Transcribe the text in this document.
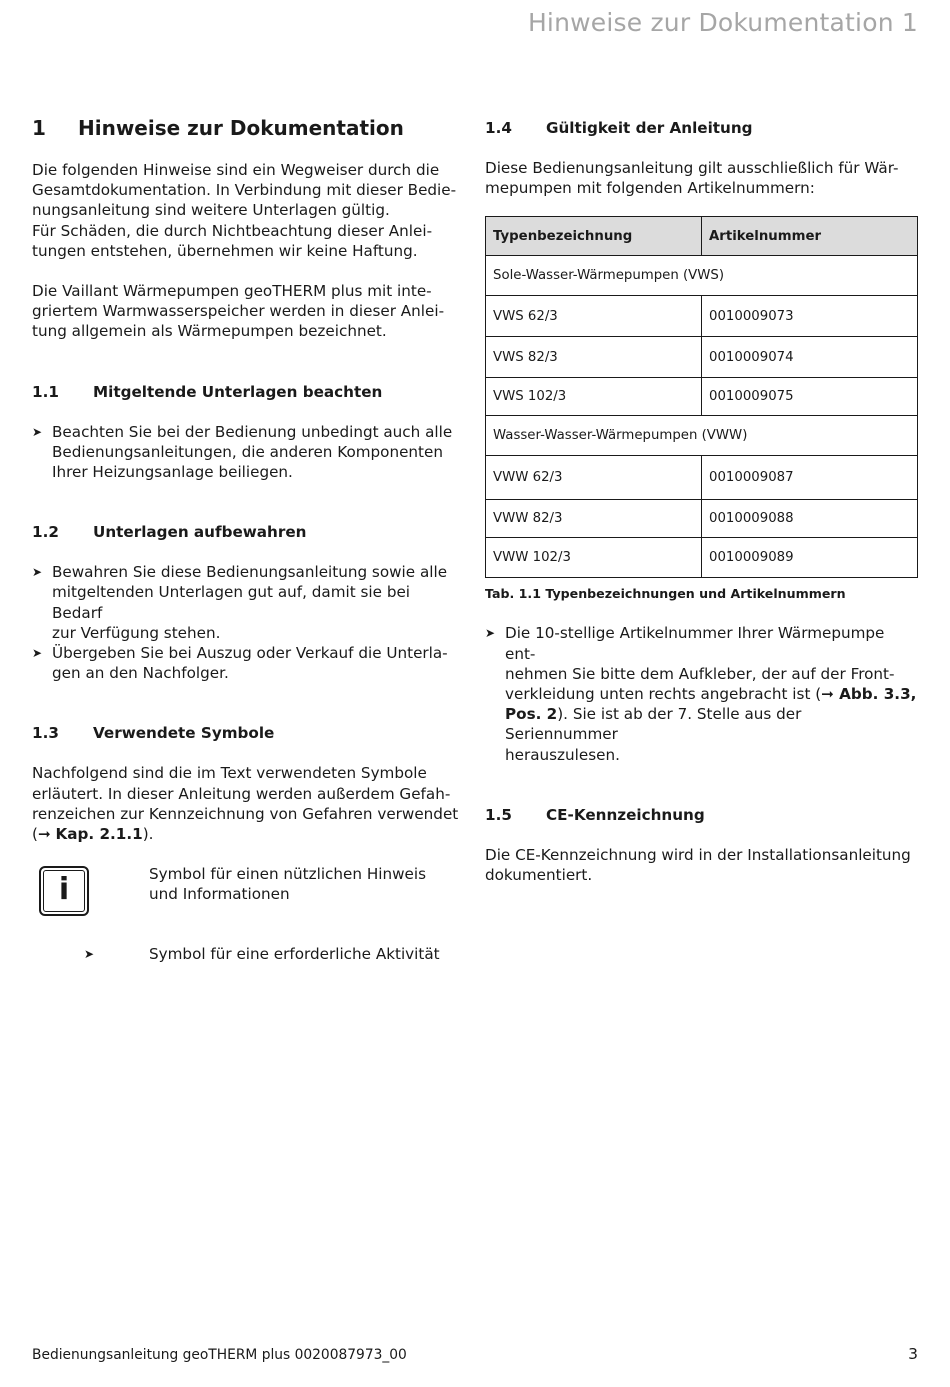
Hinweise zur Dokumentation 1
1	Hinweise zur Dokumentation

Die folgenden Hinweise sind ein Wegweiser durch die

Gesamtdokumentation. In Verbindung mit dieser Bedie-

nungsanleitung sind weitere Unterlagen gültig.

Für Schäden, die durch Nichtbeachtung dieser Anlei-

tungen entstehen, übernehmen wir keine Haftung.

Die Vaillant Wärmepumpen geoTHERM plus mit inte-

griertem Warmwasserspeicher werden in dieser Anlei-

tung allgemein als Wärmepumpen bezeichnet.

1.1	Mitgeltende Unterlagen beachten
➤ Beachten Sie bei der Bedienung unbedingt auch alle
Bedienungsanleitungen, die anderen Komponenten
Ihrer Heizungsanlage beiliegen.
1.2	Unterlagen aufbewahren
➤ Bewahren Sie diese Bedienungsanleitung sowie alle
mitgeltenden Unterlagen gut auf, damit sie bei Bedarf
zur Verfügung stehen.
➤ Übergeben Sie bei Auszug oder Verkauf die Unterla-
gen an den Nachfolger.
1.3	Verwendete Symbole

Nachfolgend sind die im Text verwendeten Symbole

erläutert. In dieser Anleitung werden außerdem Gefah-

renzeichen zur Kennzeichnung von Gefahren verwendet

(➞ Kap. 2.1.1).

i	Symbol für einen nützlichen Hinweis

und Informationen

➤	Symbol für eine erforderliche Aktivität

1.4	Gültigkeit der Anleitung

Diese Bedienungsanleitung gilt ausschließlich für Wär-

mepumpen mit folgenden Artikelnummern:

Typenbezeichnung	Artikelnummer
Sole-Wasser-Wärmepumpen (VWS)	
VWS 62/3	0010009073
VWS 82/3	0010009074
VWS 102/3	0010009075
Wasser-Wasser-Wärmepumpen (VWW)	
VWW 62/3	0010009087
VWW 82/3	0010009088
VWW 102/3	0010009089

Tab. 1.1 Typenbezeichnungen und Artikelnummern

➤ Die 10-stellige Artikelnummer Ihrer Wärmepumpe ent-
nehmen Sie bitte dem Aufkleber, der auf der Front-
verkleidung unten rechts angebracht ist (➞ Abb. 3.3,
Pos. 2). Sie ist ab der 7. Stelle aus der Seriennummer
herauszulesen.
1.5	CE-Kennzeichnung

Die CE-Kennzeichnung wird in der Installationsanleitung

dokumentiert.

Bedienungsanleitung geoTHERM plus 0020087973_00	3
